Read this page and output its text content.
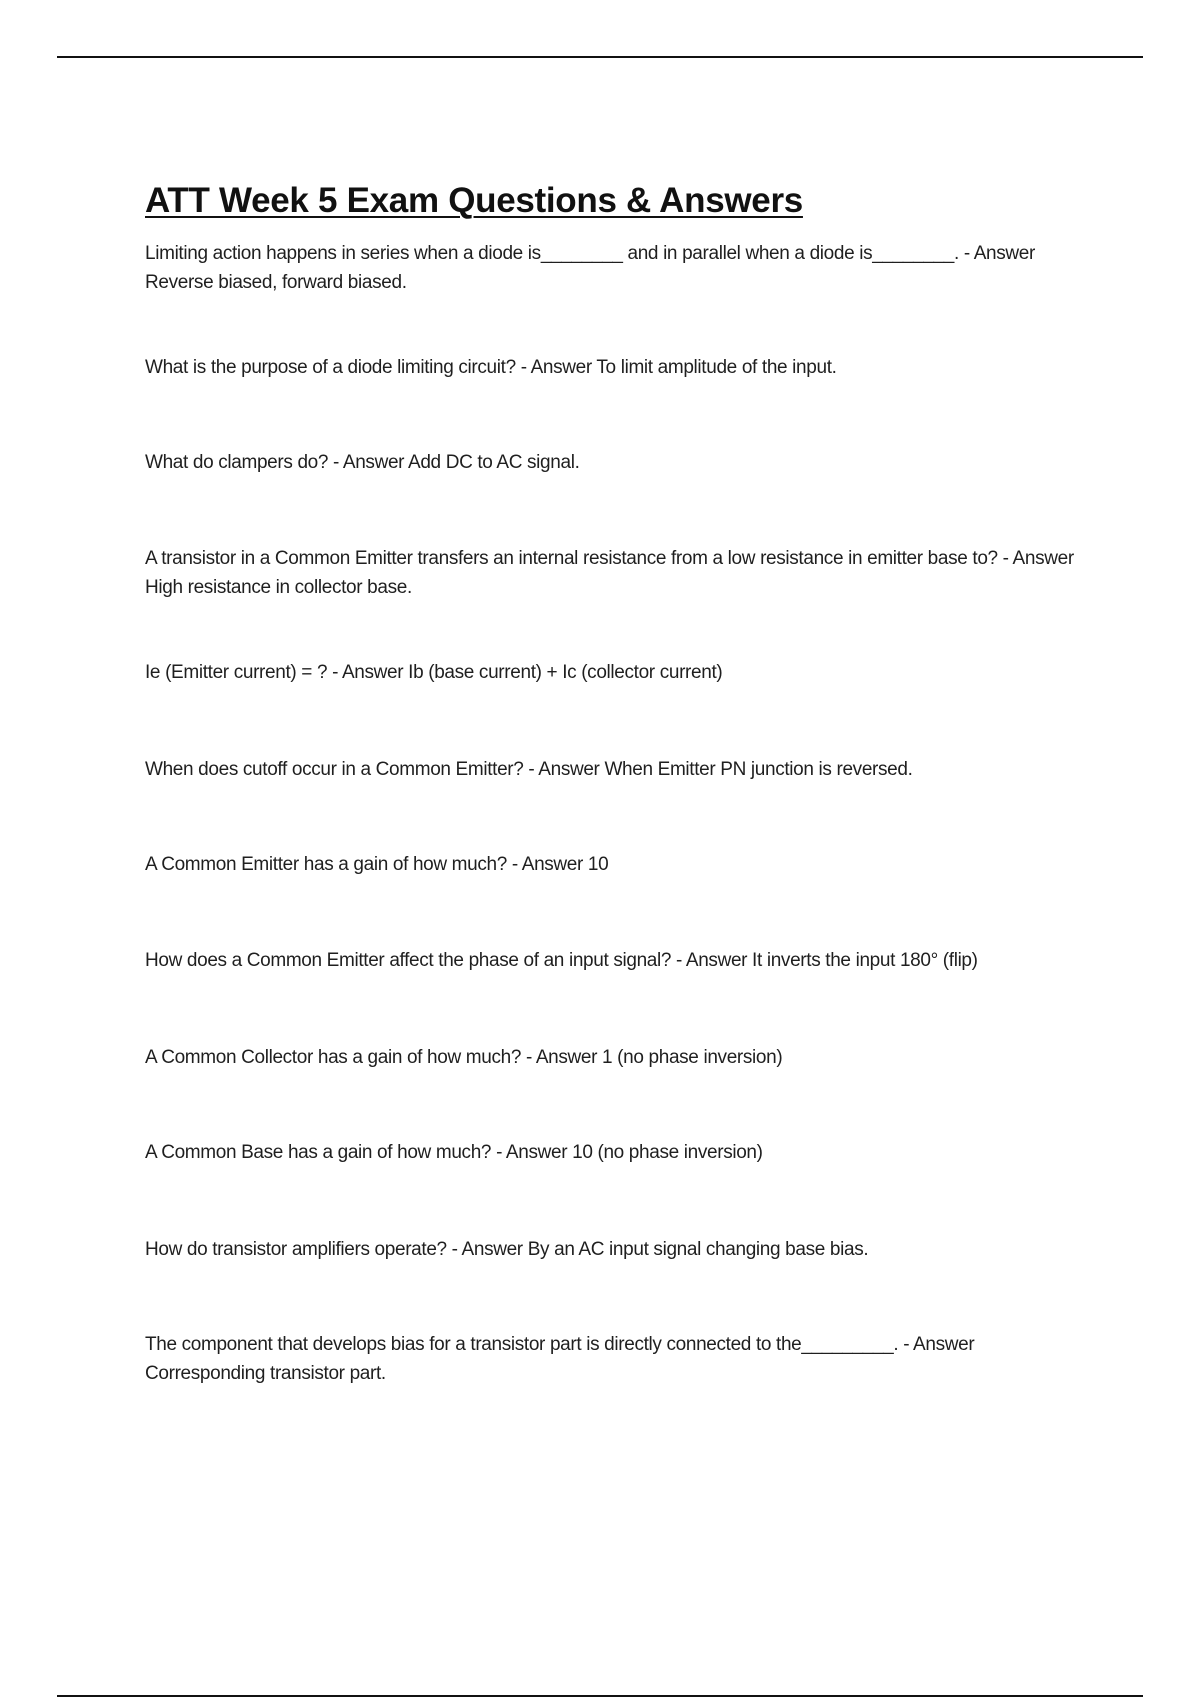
ATT Week 5 Exam Questions & Answers
Limiting action happens in series when a diode is________ and in parallel when a diode is________. - Answer Reverse biased, forward biased.
What is the purpose of a diode limiting circuit? - Answer To limit amplitude of the input.
What do clampers do? - Answer Add DC to AC signal.
A transistor in a Common Emitter transfers an internal resistance from a low resistance in emitter base to? - Answer High resistance in collector base.
Ie (Emitter current) = ? - Answer Ib (base current) + Ic (collector current)
When does cutoff occur in a Common Emitter? - Answer When Emitter PN junction is reversed.
A Common Emitter has a gain of how much? - Answer 10
How does a Common Emitter affect the phase of an input signal? - Answer It inverts the input 180° (flip)
A Common Collector has a gain of how much? - Answer 1 (no phase inversion)
A Common Base has a gain of how much? - Answer 10 (no phase inversion)
How do transistor amplifiers operate? - Answer By an AC input signal changing base bias.
The component that develops bias for a transistor part is directly connected to the_________. - Answer Corresponding transistor part.
